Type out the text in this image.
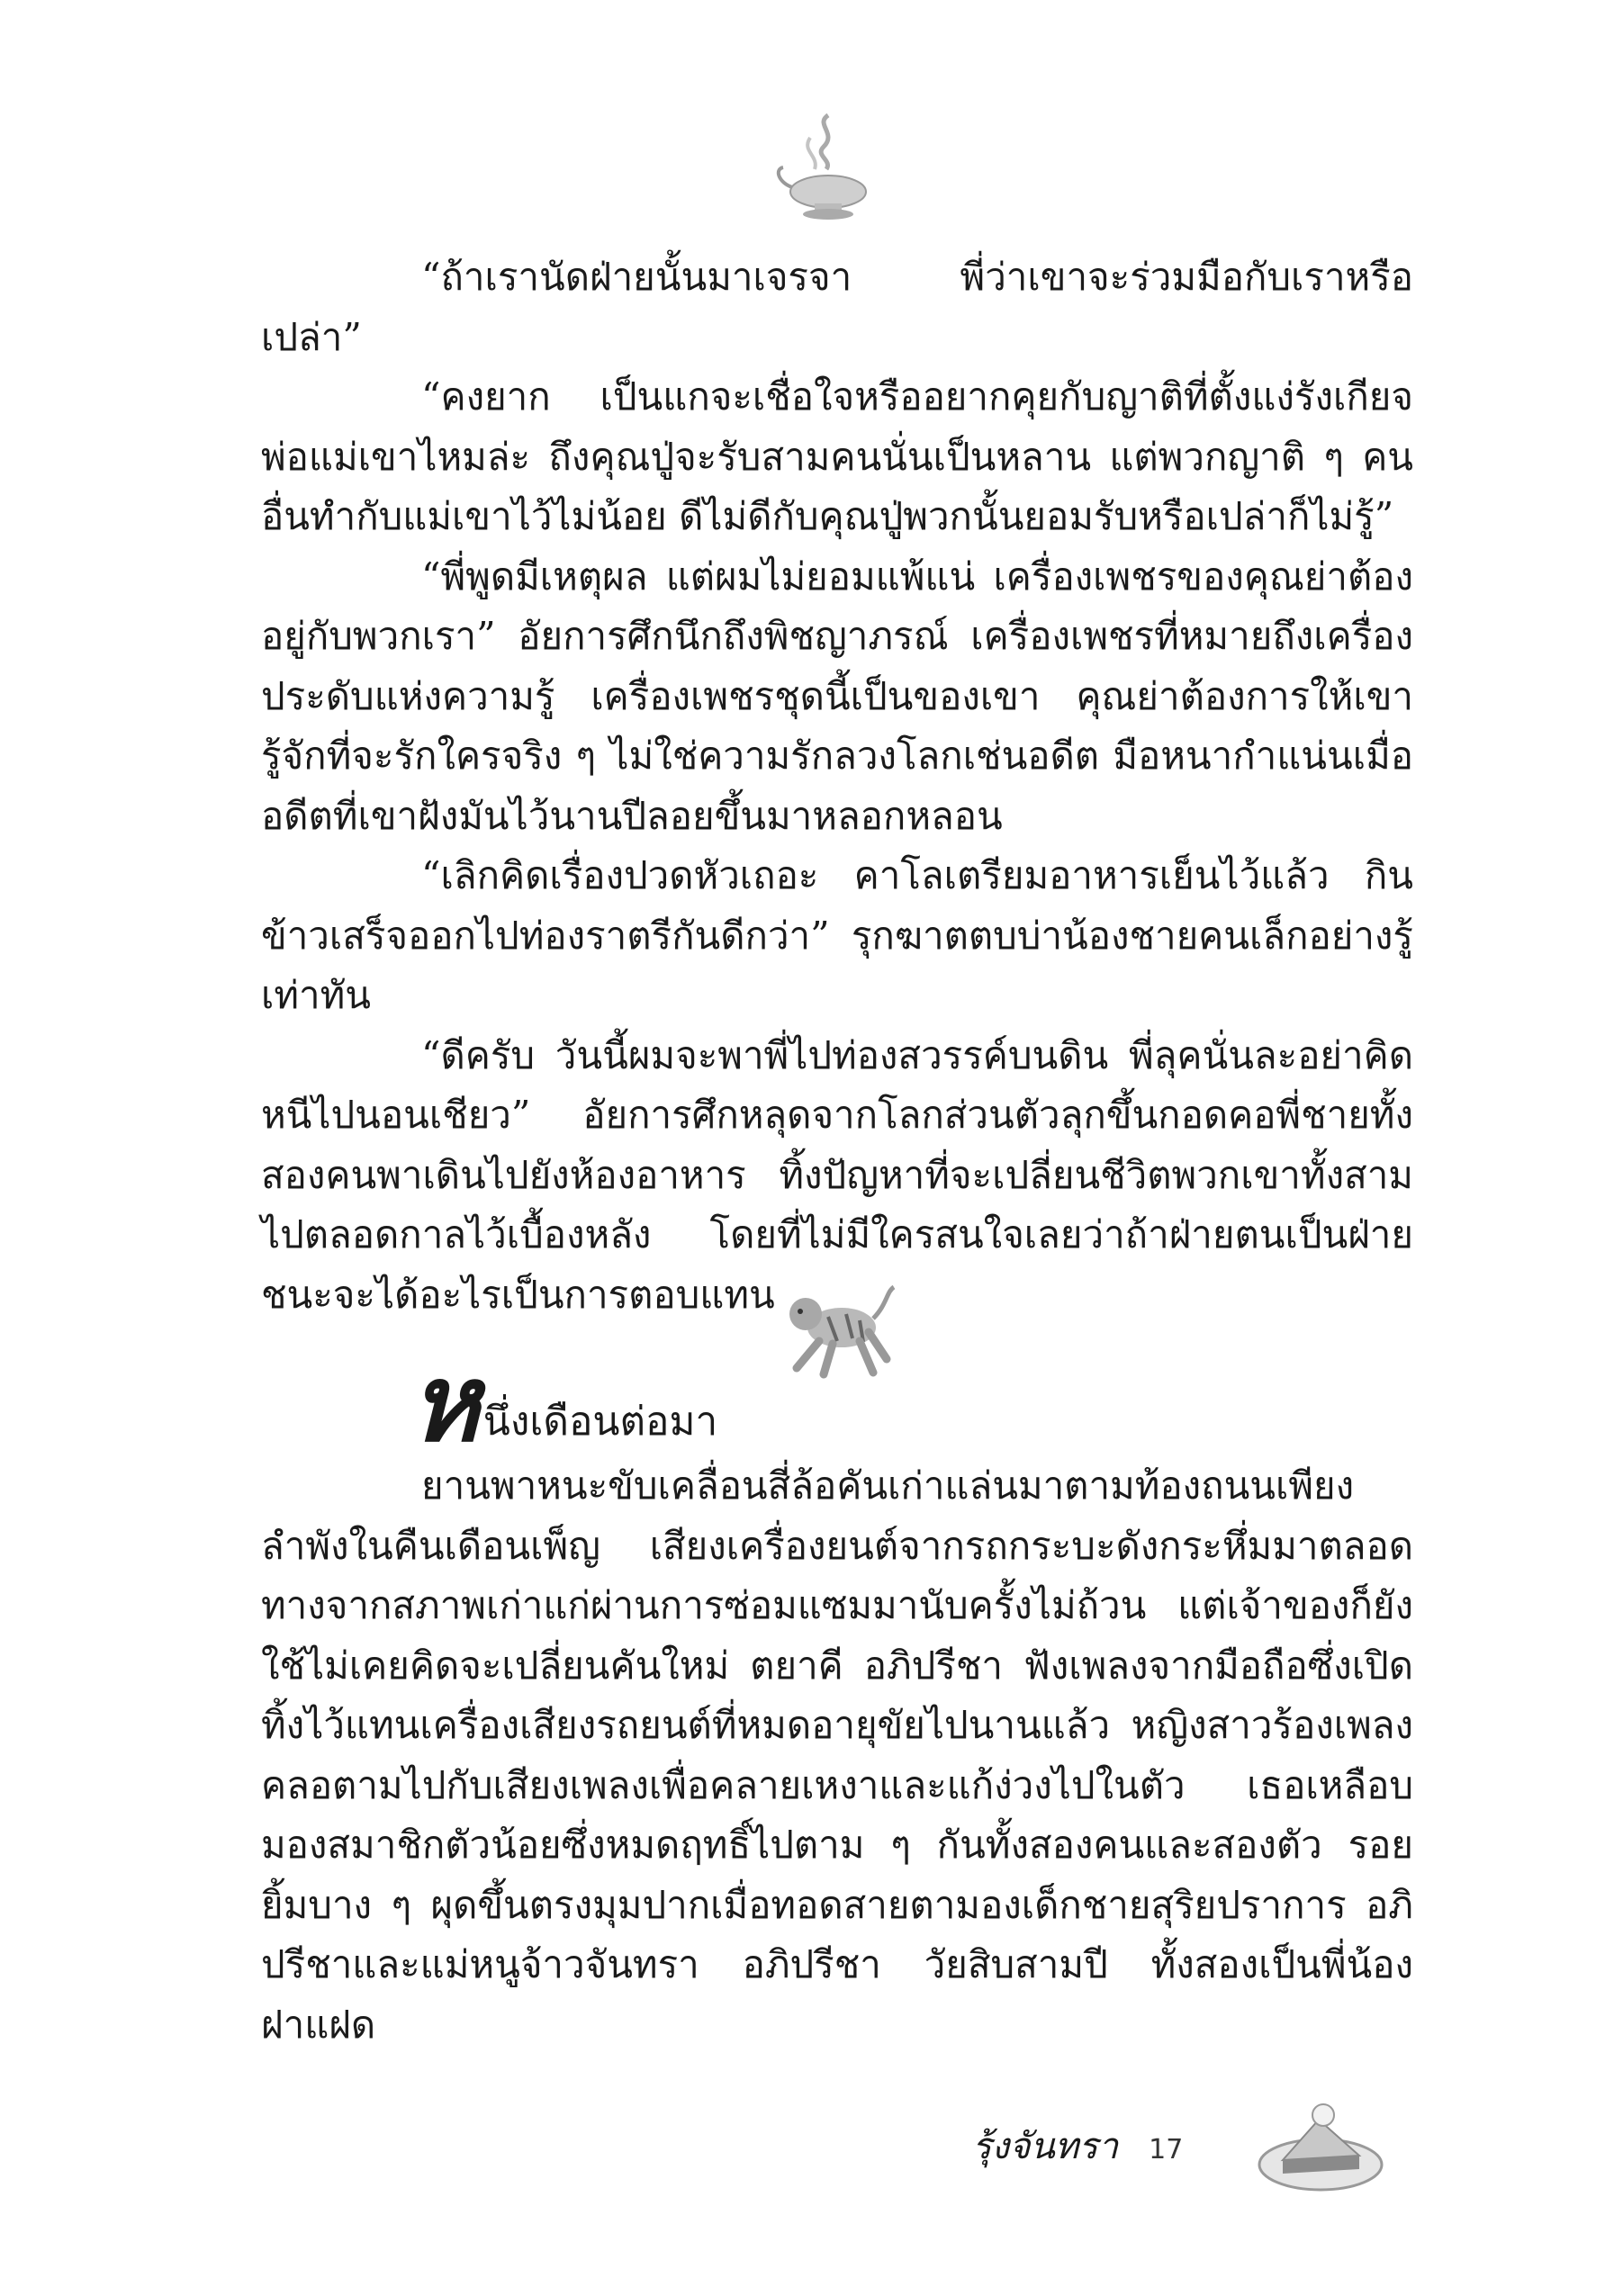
“ถ้าเรานัดฝ่ายนั้นมาเจรจา พี่ว่าเขาจะร่วมมือกับเราหรือเปล่า”

“คงยาก เป็นแกจะเชื่อใจหรืออยากคุยกับญาติที่ตั้งแง่รังเกียจพ่อแม่เขาไหมล่ะ ถึงคุณปู่จะรับสามคนนั่นเป็นหลาน แต่พวกญาติ ๆ คนอื่นทำกับแม่เขาไว้ไม่น้อย ดีไม่ดีกับคุณปู่พวกนั้นยอมรับหรือเปล่าก็ไม่รู้”

“พี่พูดมีเหตุผล แต่ผมไม่ยอมแพ้แน่ เครื่องเพชรของคุณย่าต้องอยู่กับพวกเรา” อัยการศึกนึกถึงพิชญาภรณ์ เครื่องเพชรที่หมายถึงเครื่องประดับแห่งความรู้ เครื่องเพชรชุดนี้เป็นของเขา คุณย่าต้องการให้เขารู้จักที่จะรักใครจริง ๆ ไม่ใช่ความรักลวงโลกเช่นอดีต มือหนากำแน่นเมื่ออดีตที่เขาฝังมันไว้นานปีลอยขึ้นมาหลอกหลอน

“เลิกคิดเรื่องปวดหัวเถอะ คาโลเตรียมอาหารเย็นไว้แล้ว กินข้าวเสร็จออกไปท่องราตรีกันดีกว่า” รุกฆาตตบบ่าน้องชายคนเล็กอย่างรู้เท่าทัน

“ดีครับ วันนี้ผมจะพาพี่ไปท่องสวรรค์บนดิน พี่ลุคนั่นละอย่าคิดหนีไปนอนเชียว” อัยการศึกหลุดจากโลกส่วนตัวลุกขึ้นกอดคอพี่ชายทั้งสองคนพาเดินไปยังห้องอาหาร ทิ้งปัญหาที่จะเปลี่ยนชีวิตพวกเขาทั้งสามไปตลอดกาลไว้เบื้องหลัง โดยที่ไม่มีใครสนใจเลยว่าถ้าฝ่ายตนเป็นฝ่ายชนะจะได้อะไรเป็นการตอบแทน

หนึ่งเดือนต่อมา

ยานพาหนะขับเคลื่อนสี่ล้อคันเก่าแล่นมาตามท้องถนนเพียงลำพังในคืนเดือนเพ็ญ เสียงเครื่องยนต์จากรถกระบะดังกระหึ่มมาตลอดทางจากสภาพเก่าแก่ผ่านการซ่อมแซมมานับครั้งไม่ถ้วน แต่เจ้าของก็ยังใช้ไม่เคยคิดจะเปลี่ยนคันใหม่ ตยาคี อภิปรีชา ฟังเพลงจากมือถือซึ่งเปิดทิ้งไว้แทนเครื่องเสียงรถยนต์ที่หมดอายุขัยไปนานแล้ว หญิงสาวร้องเพลงคลอตามไปกับเสียงเพลงเพื่อคลายเหงาและแก้ง่วงไปในตัว เธอเหลือบมองสมาชิกตัวน้อยซึ่งหมดฤทธิ์ไปตาม ๆ กันทั้งสองคนและสองตัว รอยยิ้มบาง ๆ ผุดขึ้นตรงมุมปากเมื่อทอดสายตามองเด็กชายสุริยปราการ อภิปรีชาและแม่หนูจ้าวจันทรา อภิปรีชา วัยสิบสามปี ทั้งสองเป็นพี่น้องฝาแฝด

รุ้งจันทรา 17
